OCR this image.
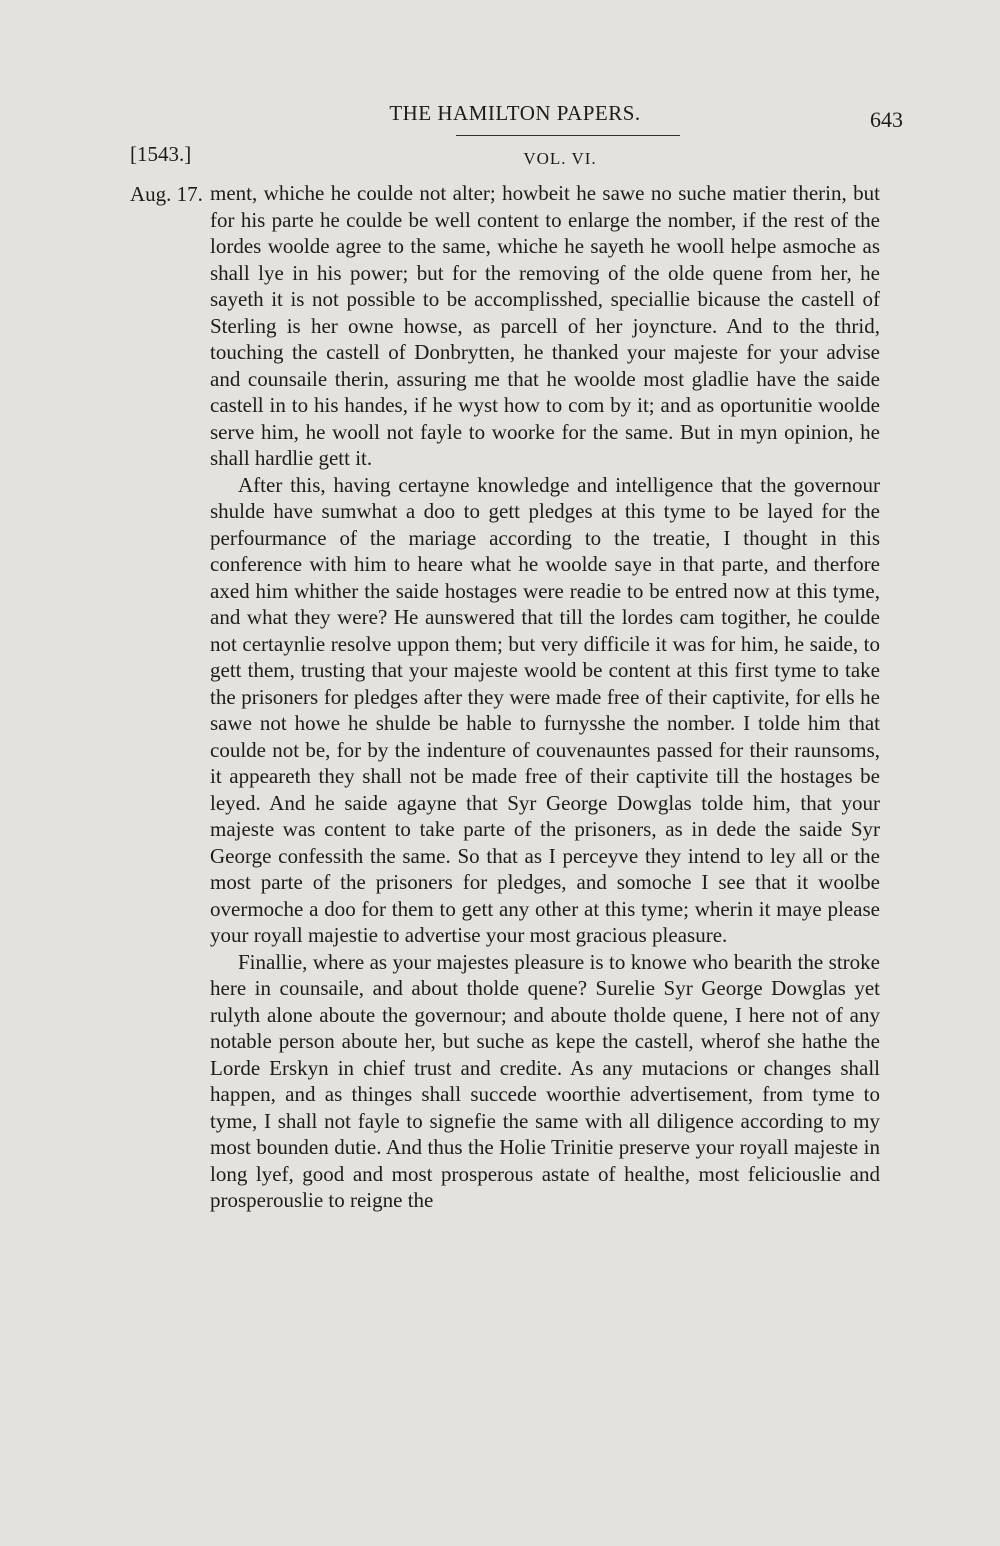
THE HAMILTON PAPERS.	643
VOL. VI.
[1543.]
Aug. 17. ment, whiche he coulde not alter; howbeit he sawe no suche matier therin, but for his parte he coulde be well content to enlarge the nomber, if the rest of the lordes woolde agree to the same, whiche he sayeth he wooll helpe asmoche as shall lye in his power; but for the removing of the olde quene from her, he sayeth it is not possible to be accomplisshed, speciallie bicause the castell of Sterling is her owne howse, as parcell of her joyncture. And to the thrid, touching the castell of Donbrytten, he thanked your majeste for your advise and counsaile therin, assuring me that he woolde most gladlie have the saide castell in to his handes, if he wyst how to com by it; and as oportunitie woolde serve him, he wooll not fayle to woorke for the same. But in myn opinion, he shall hardlie gett it.

After this, having certayne knowledge and intelligence that the governour shulde have sumwhat a doo to gett pledges at this tyme to be layed for the perfourmance of the mariage according to the treatie, I thought in this conference with him to heare what he woolde saye in that parte, and therfore axed him whither the saide hostages were readie to be entred now at this tyme, and what they were? He aunswered that till the lordes cam togither, he coulde not certaynlie resolve uppon them; but very difficile it was for him, he saide, to gett them, trusting that your majeste woold be content at this first tyme to take the prisoners for pledges after they were made free of their captivite, for ells he sawe not howe he shulde be hable to furnysshe the nomber. I tolde him that coulde not be, for by the indenture of couvenauntes passed for their raunsoms, it appeareth they shall not be made free of their captivite till the hostages be leyed. And he saide agayne that Syr George Dowglas tolde him, that your majeste was content to take parte of the prisoners, as in dede the saide Syr George confessith the same. So that as I perceyve they intend to ley all or the most parte of the prisoners for pledges, and somoche I see that it woolbe overmoche a doo for them to gett any other at this tyme; wherin it maye please your royall majestie to advertise your most gracious pleasure.

Finallie, where as your majestes pleasure is to knowe who bearith the stroke here in counsaile, and about tholde quene? Surelie Syr George Dowglas yet rulyth alone aboute the governour; and aboute tholde quene, I here not of any notable person aboute her, but suche as kepe the castell, wherof she hathe the Lorde Erskyn in chief trust and credite. As any mutacions or changes shall happen, and as thinges shall succede woorthie advertisement, from tyme to tyme, I shall not fayle to signefie the same with all diligence according to my most bounden dutie. And thus the Holie Trinitie preserve your royall majeste in long lyef, good and most prosperous astate of healthe, most feliciouslie and prosperouslie to reigne the
